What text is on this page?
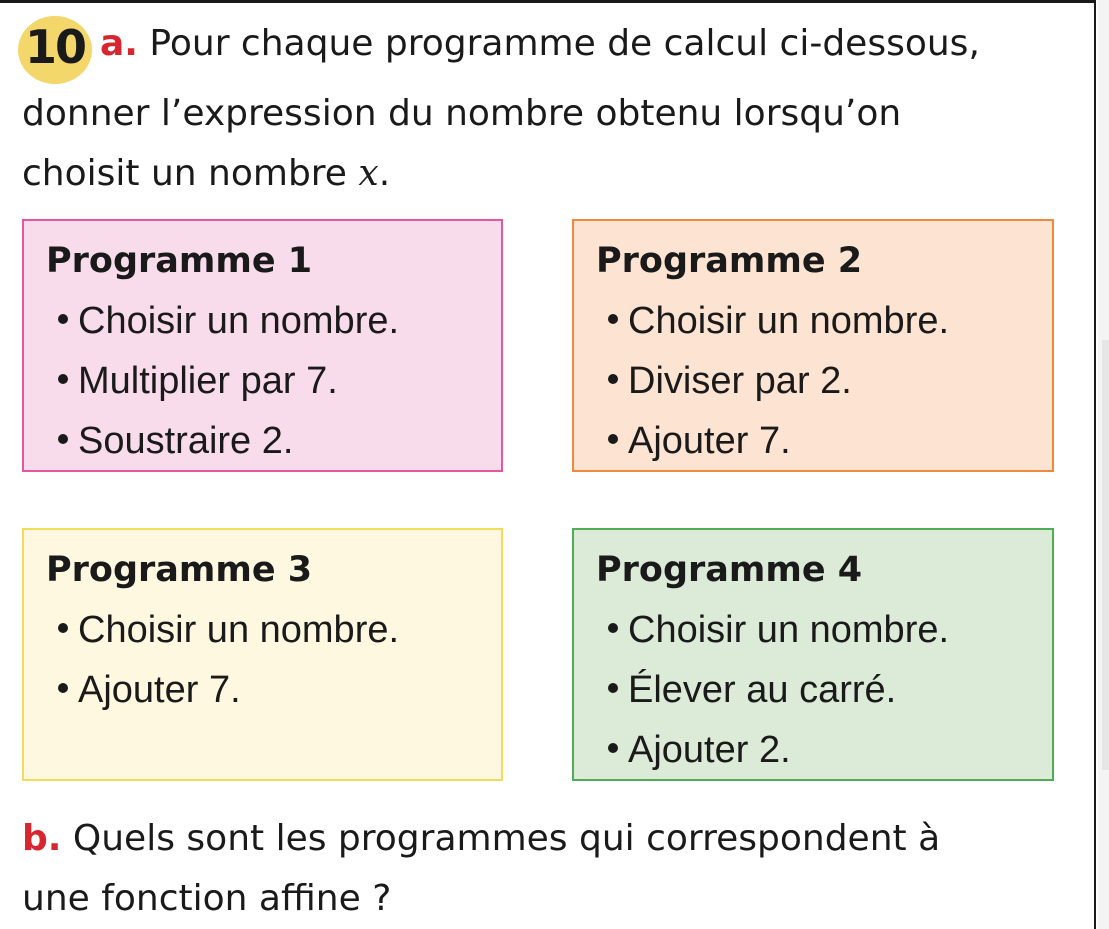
10 a. Pour chaque programme de calcul ci-dessous,
donner l’expression du nombre obtenu lorsqu’on
choisit un nombre x.
Programme 1
Choisir un nombre.
Multiplier par 7.
Soustraire 2.
Programme 2
Choisir un nombre.
Diviser par 2.
Ajouter 7.
Programme 3
Choisir un nombre.
Ajouter 7.
Programme 4
Choisir un nombre.
Élever au carré.
Ajouter 2.
b. Quels sont les programmes qui correspondent à
une fonction affine ?
